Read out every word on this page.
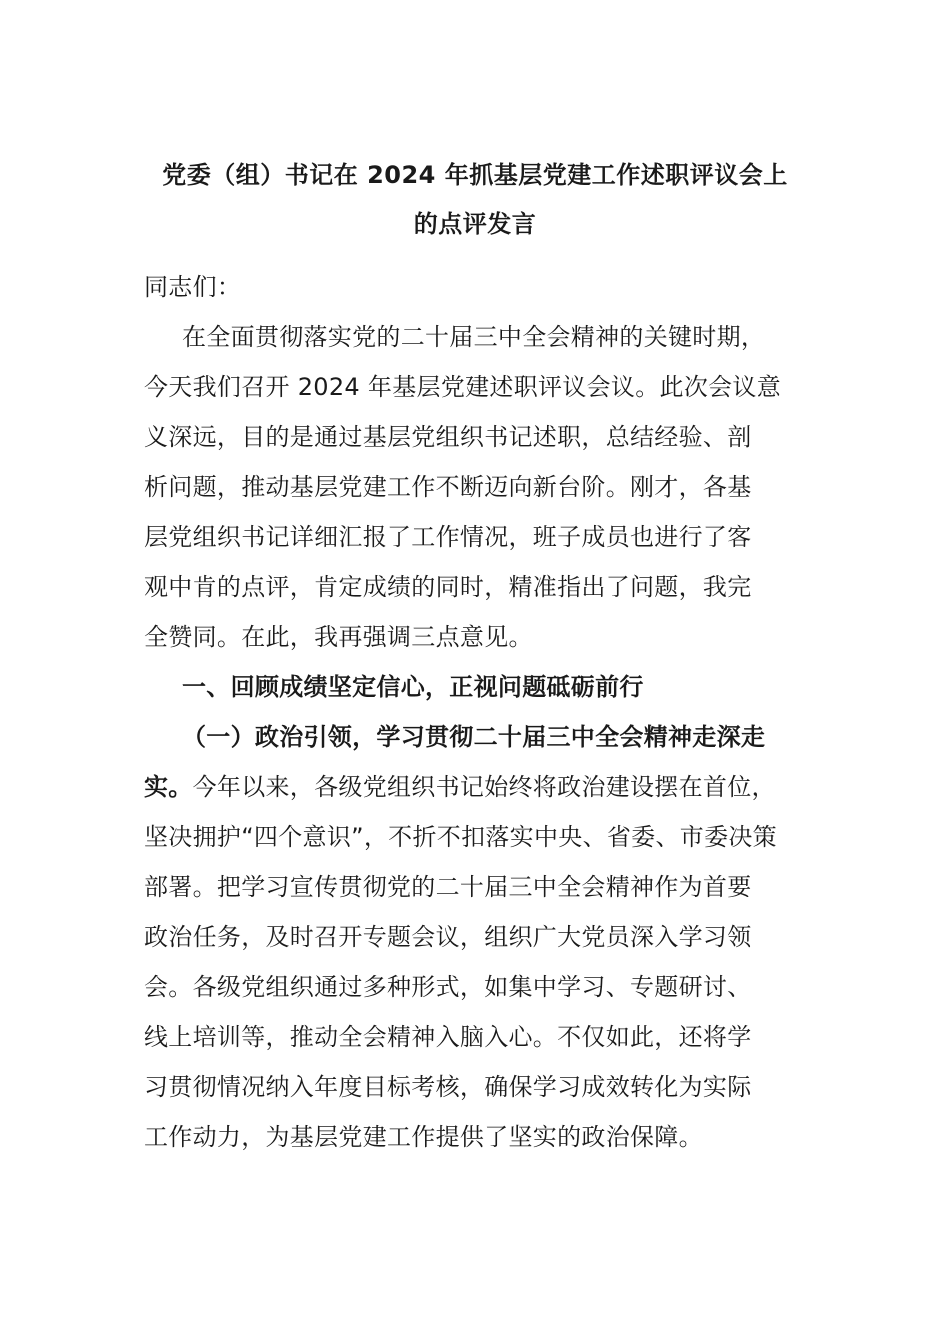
党委（组）书记在 2024 年抓基层党建工作述职评议会上
的点评发言

同志们：

在全面贯彻落实党的二十届三中全会精神的关键时期，
今天我们召开 2024 年基层党建述职评议会议。此次会议意
义深远，目的是通过基层党组织书记述职，总结经验、剖
析问题，推动基层党建工作不断迈向新台阶。刚才，各基
层党组织书记详细汇报了工作情况，班子成员也进行了客
观中肯的点评，肯定成绩的同时，精准指出了问题，我完
全赞同。在此，我再强调三点意见。

一、回顾成绩坚定信心，正视问题砥砺前行

（一）政治引领，学习贯彻二十届三中全会精神走深走
实。今年以来，各级党组织书记始终将政治建设摆在首位，
坚决拥护“四个意识”，不折不扣落实中央、省委、市委决策
部署。把学习宣传贯彻党的二十届三中全会精神作为首要
政治任务，及时召开专题会议，组织广大党员深入学习领
会。各级党组织通过多种形式，如集中学习、专题研讨、
线上培训等，推动全会精神入脑入心。不仅如此，还将学
习贯彻情况纳入年度目标考核，确保学习成效转化为实际
工作动力，为基层党建工作提供了坚实的政治保障。
